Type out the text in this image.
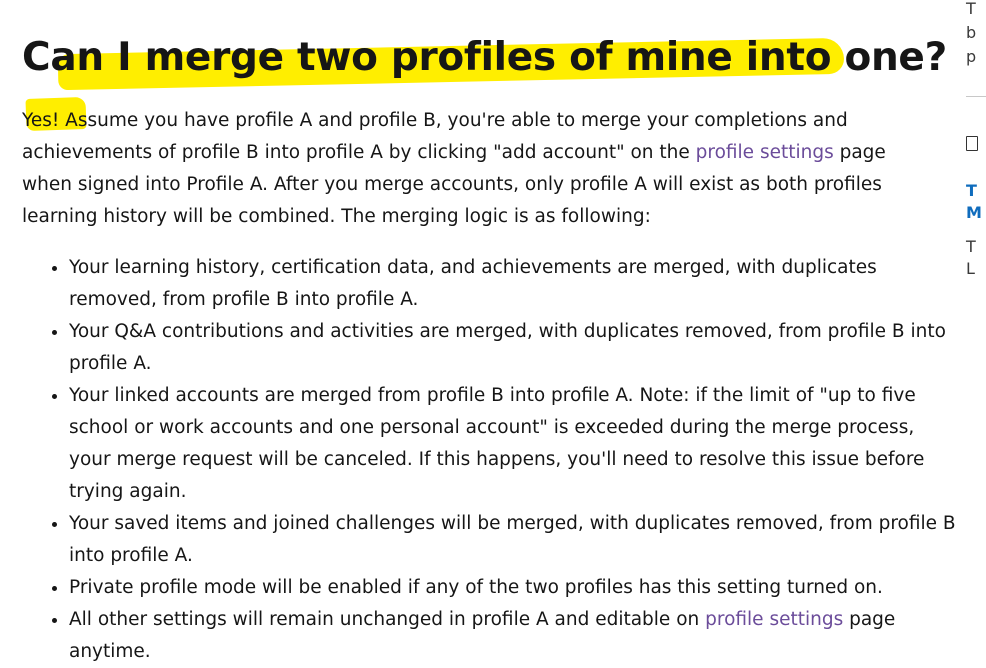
Can I merge two profiles of mine into one?

Yes! Assume you have profile A and profile B, you're able to merge your completions and achievements of profile B into profile A by clicking "add account" on the profile settings page when signed into Profile A. After you merge accounts, only profile A will exist as both profiles learning history will be combined. The merging logic is as following:

• Your learning history, certification data, and achievements are merged, with duplicates removed, from profile B into profile A.
• Your Q&A contributions and activities are merged, with duplicates removed, from profile B into profile A.
• Your linked accounts are merged from profile B into profile A. Note: if the limit of "up to five school or work accounts and one personal account" is exceeded during the merge process, your merge request will be canceled. If this happens, you'll need to resolve this issue before trying again.
• Your saved items and joined challenges will be merged, with duplicates removed, from profile B into profile A.
• Private profile mode will be enabled if any of the two profiles has this setting turned on.
• All other settings will remain unchanged in profile A and editable on profile settings page anytime.
T
b
p
T
M
T
L
